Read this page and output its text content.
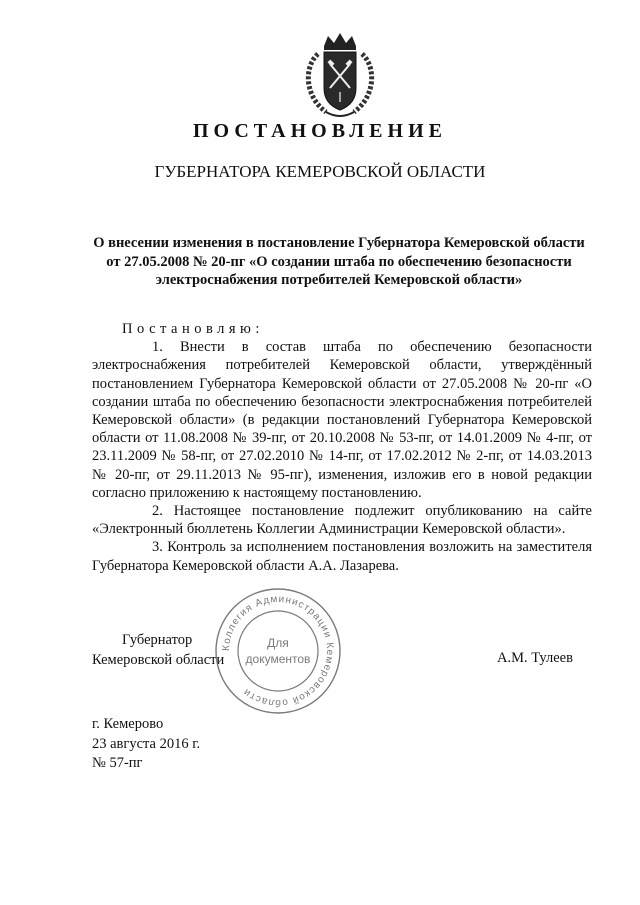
ПОСТАНОВЛЕНИЕ
ГУБЕРНАТОРА КЕМЕРОВСКОЙ ОБЛАСТИ
О внесении изменения в постановление Губернатора Кемеровской области от 27.05.2008 № 20-пг «О создании штаба по обеспечению безопасности электроснабжения потребителей Кемеровской области»

Постановляю:

1. Внести в состав штаба по обеспечению безопасности электроснабжения потребителей Кемеровской области, утверждённый постановлением Губернатора Кемеровской области от 27.05.2008 № 20-пг «О создании штаба по обеспечению безопасности электроснабжения потребителей Кемеровской области» (в редакции постановлений Губернатора Кемеровской области от 11.08.2008 № 39-пг, от 20.10.2008 № 53-пг, от 14.01.2009 № 4-пг, от 23.11.2009 № 58-пг, от 27.02.2010 № 14-пг, от 17.02.2012 № 2-пг, от 14.03.2013 № 20-пг, от 29.11.2013 № 95-пг), изменения, изложив его в новой редакции согласно приложению к настоящему постановлению.

2. Настоящее постановление подлежит опубликованию на сайте «Электронный бюллетень Коллегии Администрации Кемеровской области».

3. Контроль за исполнением постановления возложить на заместителя Губернатора Кемеровской области А.А. Лазарева.

Губернатор
Кемеровской области
Коллегия Администрации Кемеровской области
Для
документов	А.М. Тулеев
г. Кемерово
23 августа 2016 г.
№ 57-пг
